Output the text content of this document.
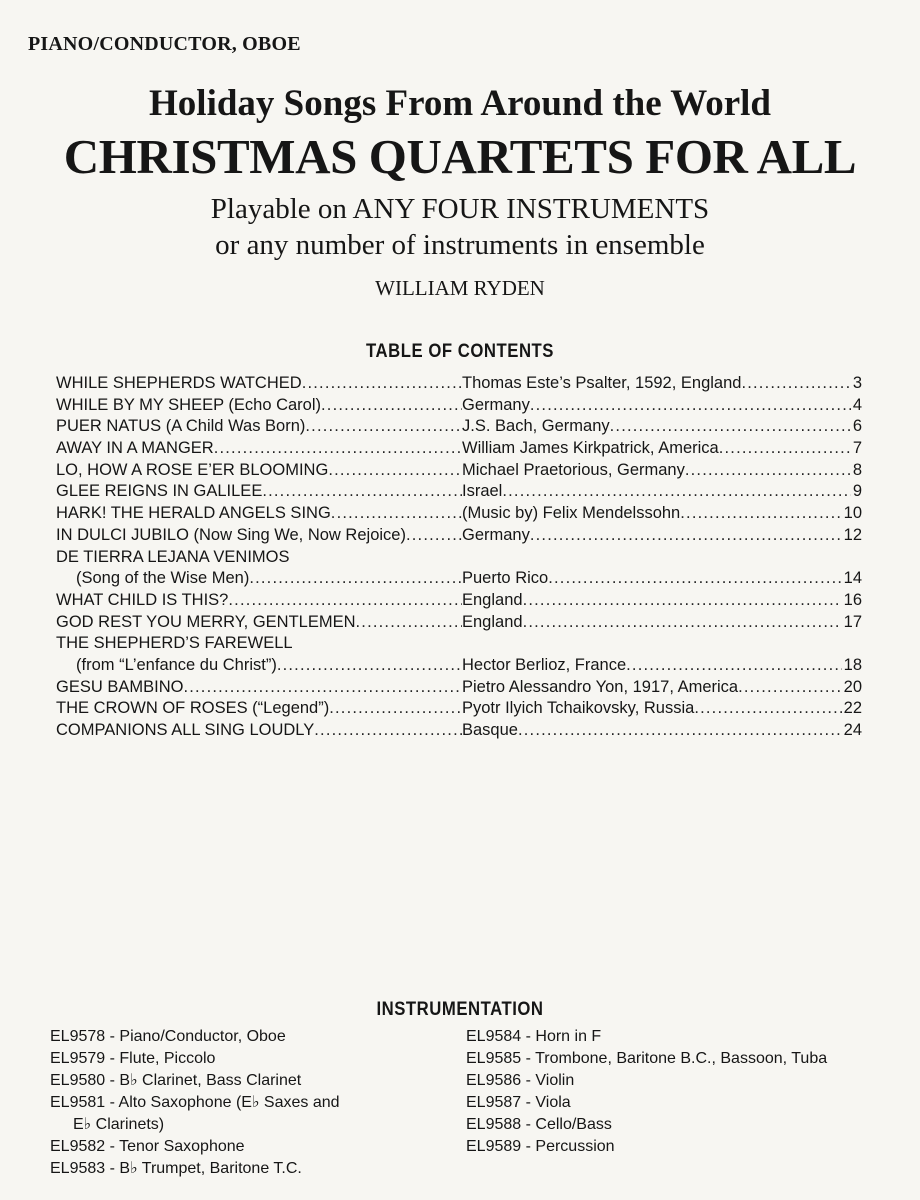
PIANO/CONDUCTOR, OBOE
Holiday Songs From Around the World
CHRISTMAS QUARTETS FOR ALL
Playable on ANY FOUR INSTRUMENTS
or any number of instruments in ensemble
WILLIAM RYDEN
TABLE OF CONTENTS
WHILE SHEPHERDS WATCHED .....	Thomas Este’s Psalter, 1592, England .....	3
WHILE BY MY SHEEP (Echo Carol) .....	Germany .....	4
PUER NATUS (A Child Was Born) .....	J.S. Bach, Germany .....	6
AWAY IN A MANGER .....	William James Kirkpatrick, America .....	7
LO, HOW A ROSE E’ER BLOOMING .....	Michael Praetorious, Germany .....	8
GLEE REIGNS IN GALILEE .....	Israel .....	9
HARK! THE HERALD ANGELS SING .....	(Music by) Felix Mendelssohn .....	10
IN DULCI JUBILO (Now Sing We, Now Rejoice) .....	Germany .....	12
DE TIERRA LEJANA VENIMOS
(Song of the Wise Men) .....	Puerto Rico .....	14
WHAT CHILD IS THIS? .....	England .....	16
GOD REST YOU MERRY, GENTLEMEN .....	England .....	17
THE SHEPHERD’S FAREWELL
(from “L’enfance du Christ”) .....	Hector Berlioz, France .....	18
GESU BAMBINO .....	Pietro Alessandro Yon, 1917, America .....	20
THE CROWN OF ROSES (“Legend”) .....	Pyotr Ilyich Tchaikovsky, Russia .....	22
COMPANIONS ALL SING LOUDLY .....	Basque .....	24
INSTRUMENTATION
EL9578 - Piano/Conductor, Oboe
EL9579 - Flute, Piccolo
EL9580 - B♭ Clarinet, Bass Clarinet
EL9581 - Alto Saxophone (E♭ Saxes and
E♭ Clarinets)
EL9582 - Tenor Saxophone
EL9583 - B♭ Trumpet, Baritone T.C.
EL9584 - Horn in F
EL9585 - Trombone, Baritone B.C., Bassoon, Tuba
EL9586 - Violin
EL9587 - Viola
EL9588 - Cello/Bass
EL9589 - Percussion
